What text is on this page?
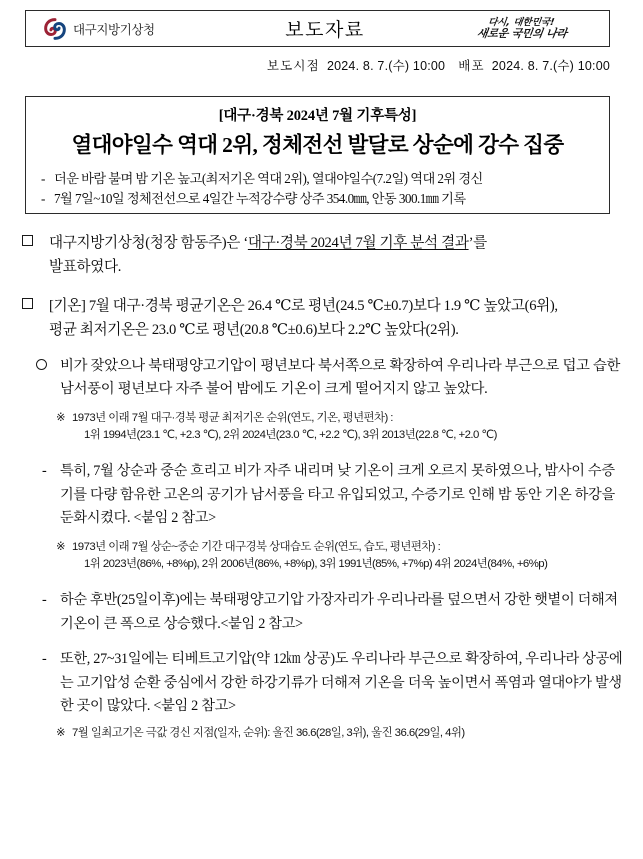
대구지방기상청	보도자료	다시, 대한민국!
새로운 국민의 나라
보도시점 2024. 8. 7.(수) 10:00 배포 2024. 8. 7.(수) 10:00
[대구·경북 2024년 7월 기후특성]
열대야일수 역대 2위, 정체전선 발달로 상순에 강수 집중
- 더운 바람 불며 밤 기온 높고(최저기온 역대 2위), 열대야일수(7.2일) 역대 2위 경신
- 7월 7일~10일 정체전선으로 4일간 누적강수량 상주 354.0㎜, 안동 300.1㎜ 기록
대구지방기상청(청장 함동주)은 ‘대구·경북 2024년 7월 기후 분석 결과’를
발표하였다.
[기온] 7월 대구·경북 평균기온은 26.4 ℃로 평년(24.5 ℃±0.7)보다 1.9 ℃ 높았고(6위),
평균 최저기온은 23.0 ℃로 평년(20.8 ℃±0.6)보다 2.2℃ 높았다(2위).
비가 잦았으나 북태평양고기압이 평년보다 북서쪽으로 확장하여 우리나라 부근으로 덥고 습한 남서풍이 평년보다 자주 불어 밤에도 기온이 크게 떨어지지 않고 높았다.
※ 1973년 이래 7월 대구·경북 평균 최저기온 순위(연도, 기온, 평년편차) :
1위 1994년(23.1 ℃, +2.3 ℃), 2위 2024년(23.0 ℃, +2.2 ℃), 3위 2013년(22.8 ℃, +2.0 ℃)
- 특히, 7월 상순과 중순 흐리고 비가 자주 내리며 낮 기온이 크게 오르지 못하였으나, 밤사이 수증기를 다량 함유한 고온의 공기가 남서풍을 타고 유입되었고, 수증기로 인해 밤 동안 기온 하강을 둔화시켰다. <붙임 2 참고>
※ 1973년 이래 7월 상순~중순 기간 대구경북 상대습도 순위(연도, 습도, 평년편차) :
1위 2023년(86%, +8%p), 2위 2006년(86%, +8%p), 3위 1991년(85%, +7%p) 4위 2024년(84%, +6%p)
- 하순 후반(25일이후)에는 북태평양고기압 가장자리가 우리나라를 덮으면서 강한 햇볕이 더해져 기온이 큰 폭으로 상승했다.<붙임 2 참고>
- 또한, 27~31일에는 티베트고기압(약 12㎞ 상공)도 우리나라 부근으로 확장하여, 우리나라 상공에는 고기압성 순환 중심에서 강한 하강기류가 더해져 기온을 더욱 높이면서 폭염과 열대야가 발생한 곳이 많았다. <붙임 2 참고>
※ 7월 일최고기온 극값 경신 지점(일자, 순위): 울진 36.6(28일, 3위), 울진 36.6(29일, 4위)
